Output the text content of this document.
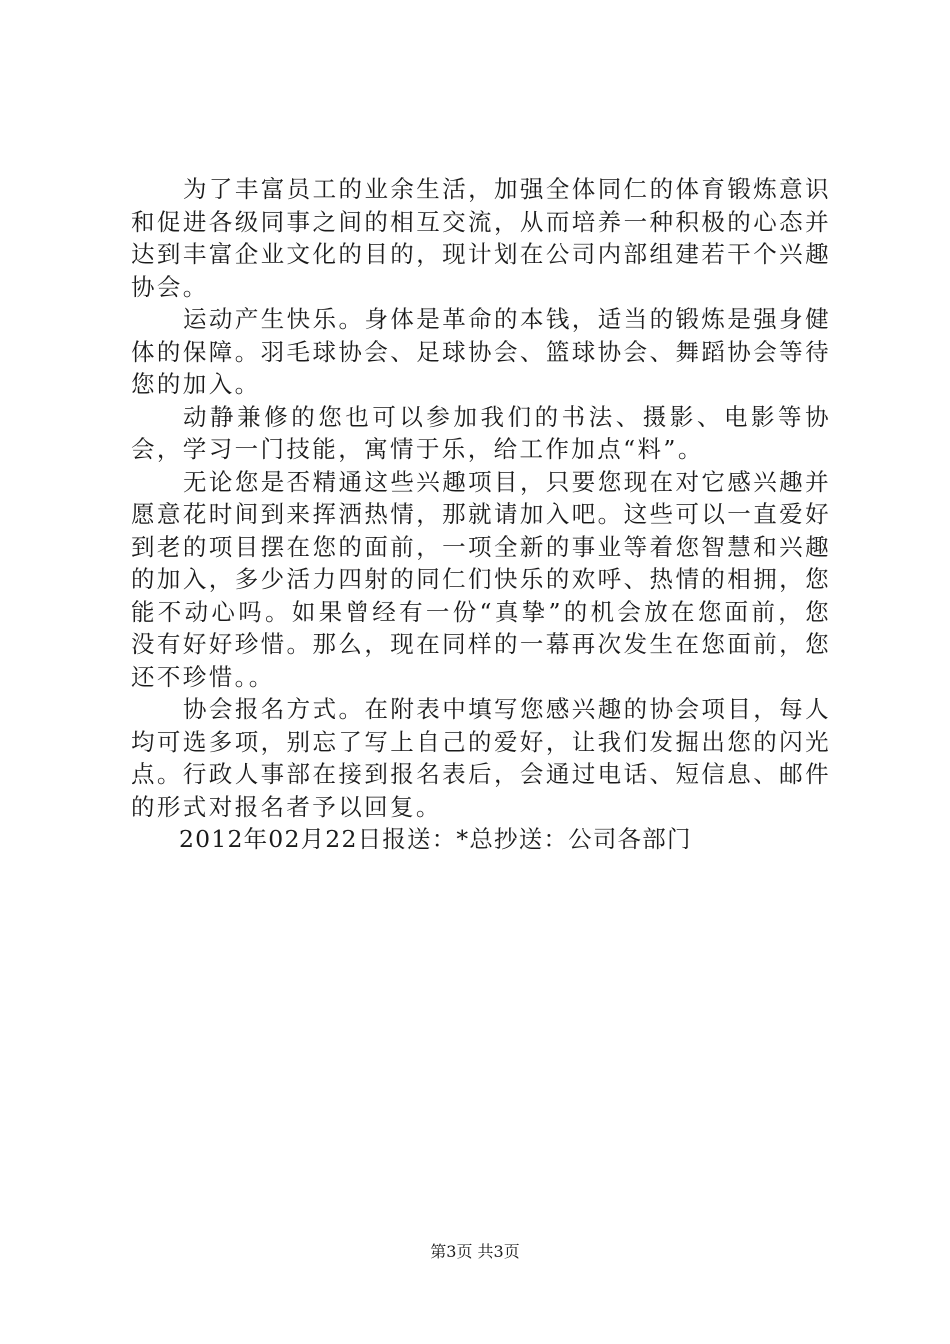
为了丰富员工的业余生活，加强全体同仁的体育锻炼意识和促进各级同事之间的相互交流，从而培养一种积极的心态并达到丰富企业文化的目的，现计划在公司内部组建若干个兴趣协会。

运动产生快乐。身体是革命的本钱，适当的锻炼是强身健体的保障。羽毛球协会、足球协会、篮球协会、舞蹈协会等待您的加入。

动静兼修的您也可以参加我们的书法、摄影、电影等协会，学习一门技能，寓情于乐，给工作加点“料”。

无论您是否精通这些兴趣项目，只要您现在对它感兴趣并愿意花时间到来挥洒热情，那就请加入吧。这些可以一直爱好到老的项目摆在您的面前，一项全新的事业等着您智慧和兴趣的加入，多少活力四射的同仁们快乐的欢呼、热情的相拥，您能不动心吗。如果曾经有一份“真挚”的机会放在您面前，您没有好好珍惜。那么，现在同样的一幕再次发生在您面前，您还不珍惜。。

协会报名方式。在附表中填写您感兴趣的协会项目，每人均可选多项，别忘了写上自己的爱好，让我们发掘出您的闪光点。行政人事部在接到报名表后，会通过电话、短信息、邮件的形式对报名者予以回复。

2012年02月22日报送：*总抄送：公司各部门

第3页 共3页
